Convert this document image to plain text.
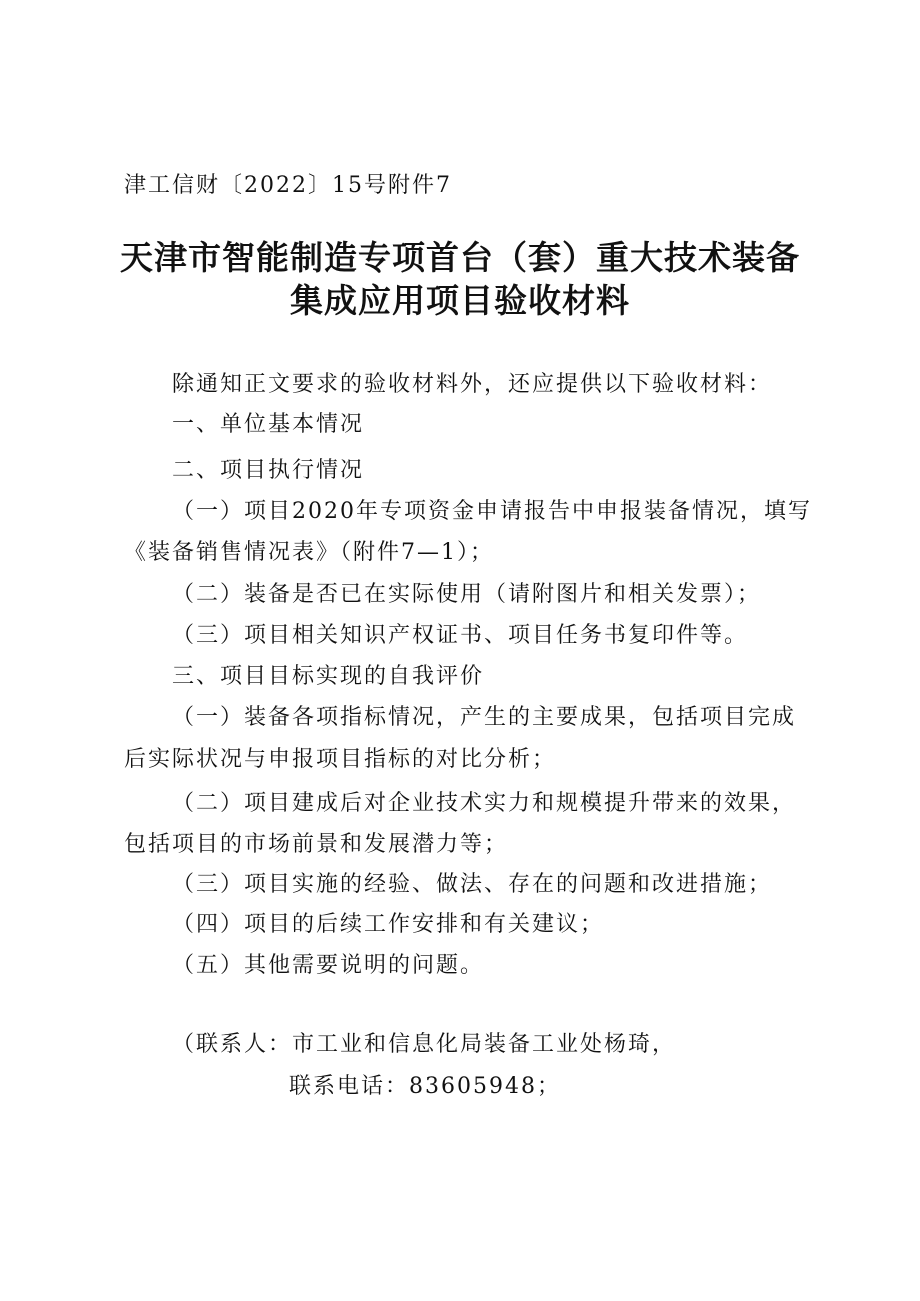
津工信财〔2022〕15号附件7
天津市智能制造专项首台（套）重大技术装备
集成应用项目验收材料
除通知正文要求的验收材料外，还应提供以下验收材料：
一、单位基本情况
二、项目执行情况
（一）项目2020年专项资金申请报告中申报装备情况，填写
《装备销售情况表》（附件7—1）；
（二）装备是否已在实际使用（请附图片和相关发票）；
（三）项目相关知识产权证书、项目任务书复印件等。
三、项目目标实现的自我评价
（一）装备各项指标情况，产生的主要成果，包括项目完成
后实际状况与申报项目指标的对比分析；
（二）项目建成后对企业技术实力和规模提升带来的效果，
包括项目的市场前景和发展潜力等；
（三）项目实施的经验、做法、存在的问题和改进措施；
（四）项目的后续工作安排和有关建议；
（五）其他需要说明的问题。
（联系人：市工业和信息化局装备工业处杨琦，
联系电话：83605948；
